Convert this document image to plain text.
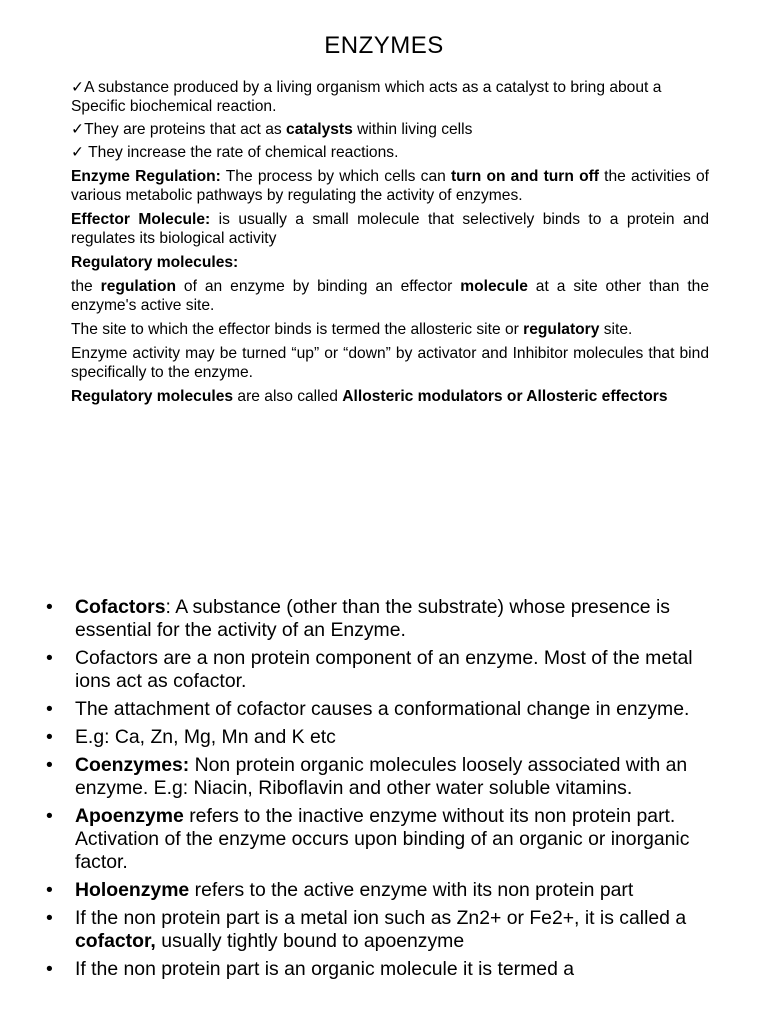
ENZYMES

✓A substance produced by a living organism which acts as a catalyst to bring about a Specific biochemical reaction.

✓They are proteins that act as catalysts within living cells

✓ They increase the rate of chemical reactions.

Enzyme Regulation: The process by which cells can turn on and turn off the activities of various metabolic pathways by regulating the activity of enzymes.

Effector Molecule: is usually a small molecule that selectively binds to a protein and regulates its biological activity

Regulatory molecules:

the regulation of an enzyme by binding an effector molecule at a site other than the enzyme's active site.

The site to which the effector binds is termed the allosteric site or regulatory site.

Enzyme activity may be turned “up” or “down” by activator and Inhibitor molecules that bind specifically to the enzyme.

Regulatory molecules are also called Allosteric modulators or Allosteric effectors

• Cofactors: A substance (other than the substrate) whose presence is essential for the activity of an Enzyme.
• Cofactors are a non protein component of an enzyme. Most of the metal ions act as cofactor.
• The attachment of cofactor causes a conformational change in enzyme.
• E.g: Ca, Zn, Mg, Mn and K etc
• Coenzymes: Non protein organic molecules loosely associated with an enzyme. E.g: Niacin, Riboflavin and other water soluble vitamins.
• Apoenzyme refers to the inactive enzyme without its non protein part. Activation of the enzyme occurs upon binding of an organic or inorganic factor.
• Holoenzyme refers to the active enzyme with its non protein part
• If the non protein part is a metal ion such as Zn2+ or Fe2+, it is called a cofactor, usually tightly bound to apoenzyme
• If the non protein part is an organic molecule it is termed a
